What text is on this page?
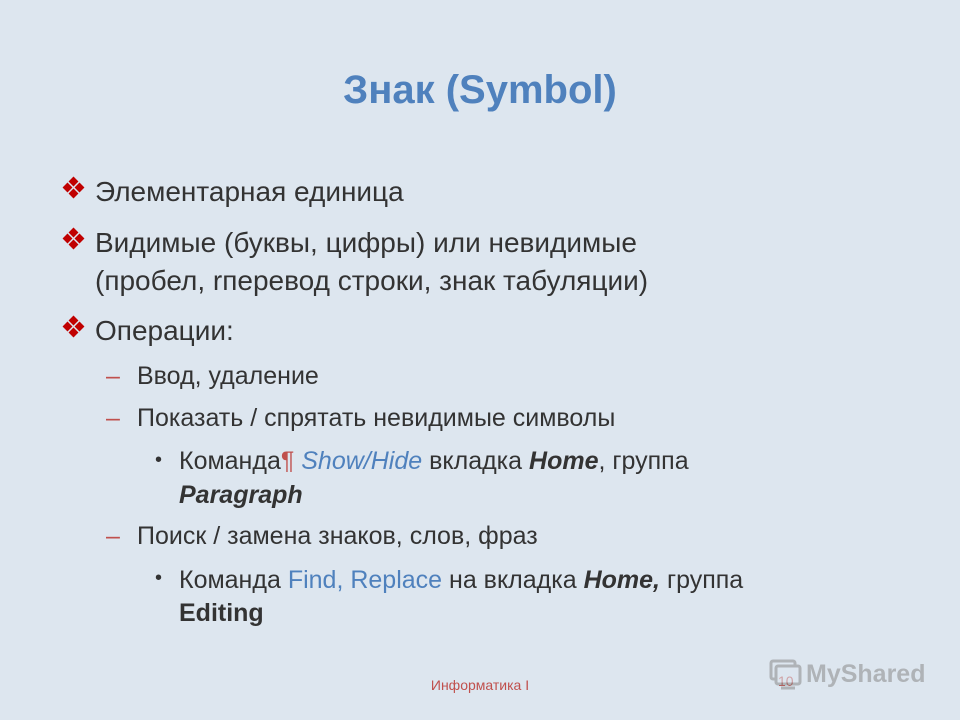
Знак (Symbol)
Элементарная единица
Видимые (буквы, цифры) или невидимые
(пробел, rперевод строки, знак табуляции)
Операции:
– Ввод, удаление
– Показать / спрятать невидимые символы
• Команда¶ Show/Hide вкладка Home, группа
Paragraph
– Поиск / замена знаков, слов, фраз
• Команда Find, Replace на вкладка Home, группа
Editing
Информатика I	MyShared
